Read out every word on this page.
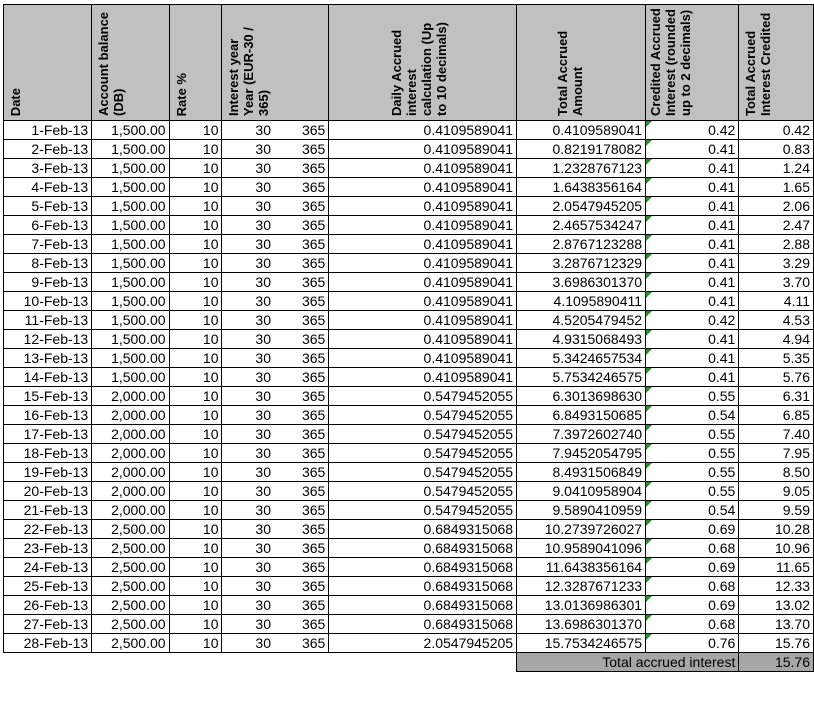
Date	Account balance (DB)	Rate %	Interest year Year (EUR-30 / 365)		Daily Accrued interest calculation (Up to 10 decimals)	Total Accrued Amount	Credited Accrued Interest (rounded up to 2 decimals)	Total Accrued Interest Credited

1-Feb-13	1,500.00	10	30	365	0.4109589041	0.4109589041	0.42	0.42
2-Feb-13	1,500.00	10	30	365	0.4109589041	0.8219178082	0.41	0.83
3-Feb-13	1,500.00	10	30	365	0.4109589041	1.2328767123	0.41	1.24
4-Feb-13	1,500.00	10	30	365	0.4109589041	1.6438356164	0.41	1.65
5-Feb-13	1,500.00	10	30	365	0.4109589041	2.0547945205	0.41	2.06
6-Feb-13	1,500.00	10	30	365	0.4109589041	2.4657534247	0.41	2.47
7-Feb-13	1,500.00	10	30	365	0.4109589041	2.8767123288	0.41	2.88
8-Feb-13	1,500.00	10	30	365	0.4109589041	3.2876712329	0.41	3.29
9-Feb-13	1,500.00	10	30	365	0.4109589041	3.6986301370	0.41	3.70
10-Feb-13	1,500.00	10	30	365	0.4109589041	4.1095890411	0.41	4.11
11-Feb-13	1,500.00	10	30	365	0.4109589041	4.5205479452	0.42	4.53
12-Feb-13	1,500.00	10	30	365	0.4109589041	4.9315068493	0.41	4.94
13-Feb-13	1,500.00	10	30	365	0.4109589041	5.3424657534	0.41	5.35
14-Feb-13	1,500.00	10	30	365	0.4109589041	5.7534246575	0.41	5.76
15-Feb-13	2,000.00	10	30	365	0.5479452055	6.3013698630	0.55	6.31
16-Feb-13	2,000.00	10	30	365	0.5479452055	6.8493150685	0.54	6.85
17-Feb-13	2,000.00	10	30	365	0.5479452055	7.3972602740	0.55	7.40
18-Feb-13	2,000.00	10	30	365	0.5479452055	7.9452054795	0.55	7.95
19-Feb-13	2,000.00	10	30	365	0.5479452055	8.4931506849	0.55	8.50
20-Feb-13	2,000.00	10	30	365	0.5479452055	9.0410958904	0.55	9.05
21-Feb-13	2,000.00	10	30	365	0.5479452055	9.5890410959	0.54	9.59
22-Feb-13	2,500.00	10	30	365	0.6849315068	10.2739726027	0.69	10.28
23-Feb-13	2,500.00	10	30	365	0.6849315068	10.9589041096	0.68	10.96
24-Feb-13	2,500.00	10	30	365	0.6849315068	11.6438356164	0.69	11.65
25-Feb-13	2,500.00	10	30	365	0.6849315068	12.3287671233	0.68	12.33
26-Feb-13	2,500.00	10	30	365	0.6849315068	13.0136986301	0.69	13.02
27-Feb-13	2,500.00	10	30	365	0.6849315068	13.6986301370	0.68	13.70
28-Feb-13	2,500.00	10	30	365	2.0547945205	15.7534246575	0.76	15.76
						Total accrued interest		15.76
